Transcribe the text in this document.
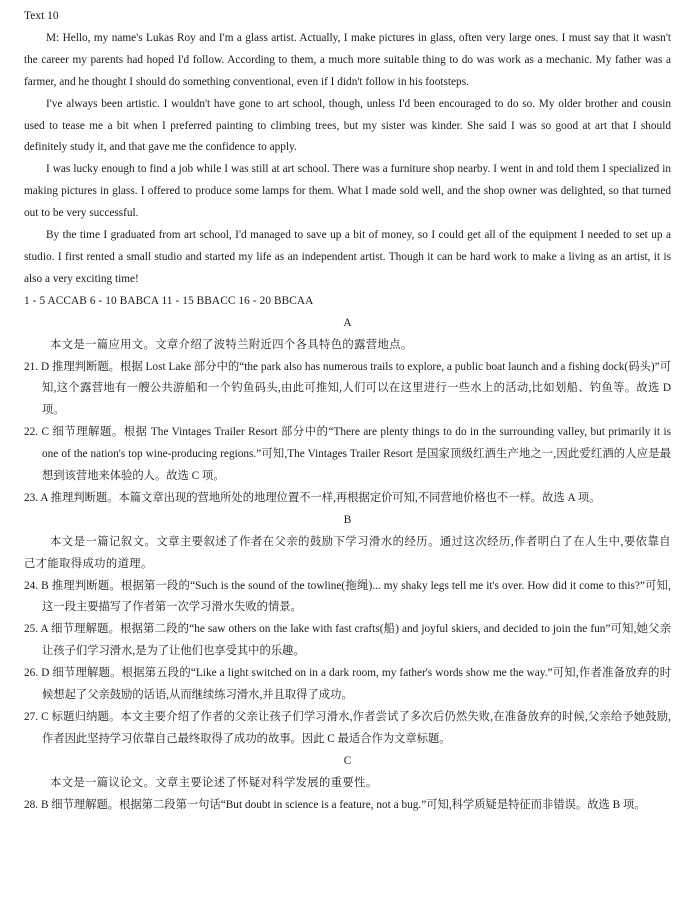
Text 10

M: Hello, my name's Lukas Roy and I'm a glass artist. Actually, I make pictures in glass, often very large ones. I must say that it wasn't the career my parents had hoped I'd follow. According to them, a much more suitable thing to do was work as a mechanic. My father was a farmer, and he thought I should do something conventional, even if I didn't follow in his footsteps.

I've always been artistic. I wouldn't have gone to art school, though, unless I'd been encouraged to do so. My older brother and cousin used to tease me a bit when I preferred painting to climbing trees, but my sister was kinder. She said I was so good at art that I should definitely study it, and that gave me the confidence to apply.

I was lucky enough to find a job while I was still at art school. There was a furniture shop nearby. I went in and told them I specialized in making pictures in glass. I offered to produce some lamps for them. What I made sold well, and the shop owner was delighted, so that turned out to be very successful.

By the time I graduated from art school, I'd managed to save up a bit of money, so I could get all of the equipment I needed to set up a studio. I first rented a small studio and started my life as an independent artist. Though it can be hard work to make a living as an artist, it is also a very exciting time!

1 - 5 ACCAB 6 - 10 BABCA 11 - 15 BBACC 16 - 20 BBCAA

A

本文是一篇应用文。文章介绍了波特兰附近四个各具特色的露营地点。

21. D 推理判断题。根据 Lost Lake 部分中的“the park also has numerous trails to explore, a public boat launch and a fishing dock(码头)”可知,这个露营地有一艘公共游船和一个钓鱼码头,由此可推知,人们可以在这里进行一些水上的活动,比如划船、钓鱼等。故选 D 项。

22. C 细节理解题。根据 The Vintages Trailer Resort 部分中的“There are plenty things to do in the surrounding valley, but primarily it is one of the nation's top wine-producing regions.”可知,The Vintages Trailer Resort 是国家顶级红酒生产地之一,因此爱红酒的人应是最想到该营地来体验的人。故选 C 项。

23. A 推理判断题。本篇文章出现的营地所处的地理位置不一样,再根据定价可知,不同营地价格也不一样。故选 A 项。

B

本文是一篇记叙文。文章主要叙述了作者在父亲的鼓励下学习滑水的经历。通过这次经历,作者明白了在人生中,要依靠自己才能取得成功的道理。

24. B 推理判断题。根据第一段的“Such is the sound of the towline(拖绳)... my shaky legs tell me it's over. How did it come to this?”可知,这一段主要描写了作者第一次学习滑水失败的情景。

25. A 细节理解题。根据第二段的“he saw others on the lake with fast crafts(船) and joyful skiers, and decided to join the fun”可知,她父亲让孩子们学习滑水,是为了让他们也享受其中的乐趣。

26. D 细节理解题。根据第五段的“Like a light switched on in a dark room, my father's words show me the way.”可知,作者准备放弃的时候想起了父亲鼓励的话语,从而继续练习滑水,并且取得了成功。

27. C 标题归纳题。本文主要介绍了作者的父亲让孩子们学习滑水,作者尝试了多次后仍然失败,在准备放弃的时候,父亲给予她鼓励,作者因此坚持学习依靠自己最终取得了成功的故事。因此 C 最适合作为文章标题。

C

本文是一篇议论文。文章主要论述了怀疑对科学发展的重要性。

28. B 细节理解题。根据第二段第一句话“But doubt in science is a feature, not a bug.”可知,科学质疑是特征而非错误。故选 B 项。
